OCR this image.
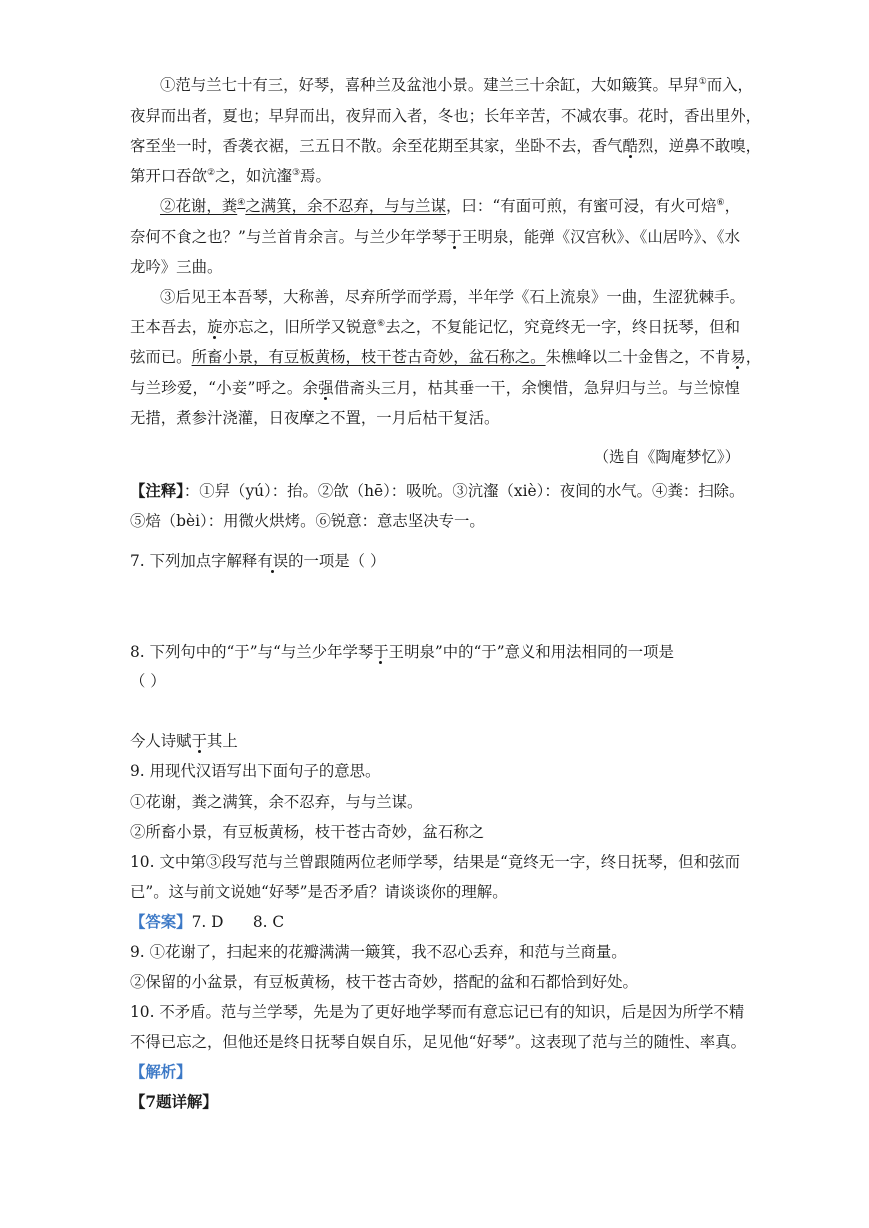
①范与兰七十有三，好琴，喜种兰及盆池小景。建兰三十余缸，大如簸箕。早舁①而入，
夜舁而出者，夏也；早舁而出，夜舁而入者，冬也；长年辛苦，不减农事。花时，香出里外，
客至坐一时，香袭衣裾，三五日不散。余至花期至其家，坐卧不去，香气酷烈，逆鼻不敢嗅，
第开口吞欱②之，如沆瀣③焉。
②花谢，粪④之满箕，余不忍弃，与与兰谋，曰：“有面可煎，有蜜可浸，有火可焙⑥，
奈何不食之也？”与兰首肯余言。与兰少年学琴于王明泉，能弹《汉宫秋》、《山居吟》、《水
龙吟》三曲。
③后见王本吾琴，大称善，尽弃所学而学焉，半年学《石上流泉》一曲，生涩犹棘手。
王本吾去，旋亦忘之，旧所学又锐意⑥去之，不复能记忆，究竟终无一字，终日抚琴，但和
弦而已。所畜小景，有豆板黄杨，枝干苍古奇妙，盆石称之。朱樵峰以二十金售之，不肯易，
与兰珍爱，“小妾”呼之。余强借斋头三月，枯其垂一干，余懊惜，急舁归与兰。与兰惊惶
无措，煮参汁浇灌，日夜摩之不置，一月后枯干复活。
（选自《陶庵梦忆》）
【注释】：①舁（yú）：抬。②欱（hē）：吸吮。③沆瀣（xiè）：夜间的水气。④粪：扫除。
⑤焙（bèi）：用微火烘烤。⑥锐意：意志坚决专一。
7. 下列加点字解释有误的一项是（ ）
8. 下列句中的“于”与“与兰少年学琴于王明泉”中的“于”意义和用法相同的一项是
（ ）
今人诗赋于其上
9. 用现代汉语写出下面句子的意思。
①花谢，粪之满箕，余不忍弃，与与兰谋。
②所畜小景，有豆板黄杨，枝干苍古奇妙，盆石称之
10. 文中第③段写范与兰曾跟随两位老师学琴，结果是“竟终无一字，终日抚琴，但和弦而
已”。这与前文说她“好琴”是否矛盾？请谈谈你的理解。
【答案】7. D      8. C
9. ①花谢了，扫起来的花瓣满满一簸箕，我不忍心丢弃，和范与兰商量。
②保留的小盆景，有豆板黄杨，枝干苍古奇妙，搭配的盆和石都恰到好处。
10. 不矛盾。范与兰学琴，先是为了更好地学琴而有意忘记已有的知识，后是因为所学不精
不得已忘之，但他还是终日抚琴自娱自乐，足见他“好琴”。这表现了范与兰的随性、率真。
【解析】
【7题详解】
